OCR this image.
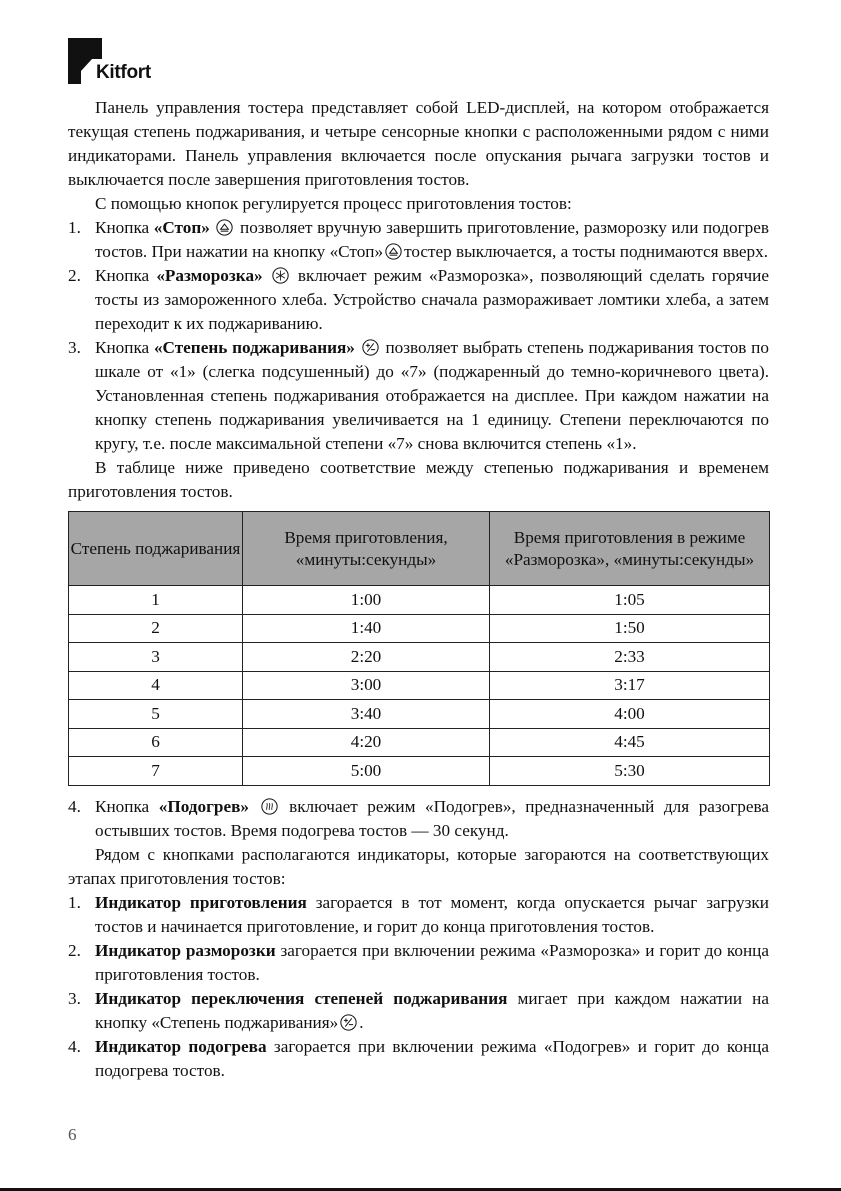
Kitfort

Панель управления тостера представляет собой LED-дисплей, на котором отображается текущая степень поджаривания, и четыре сенсорные кнопки с расположенными рядом с ними индикаторами. Панель управления включается после опускания рычага загрузки тостов и выключается после завершения приготовления тостов.

С помощью кнопок регулируется процесс приготовления тостов:

1. Кнопка «Стоп»  позволяет вручную завершить приготовление, разморозку или подогрев тостов. При нажатии на кнопку «Стоп» тостер выключается, а тосты поднимаются вверх.

2. Кнопка «Разморозка»  включает режим «Разморозка», позволяющий сделать горячие тосты из замороженного хлеба. Устройство сначала размораживает ломтики хлеба, а затем переходит к их поджариванию.

3. Кнопка «Степень поджаривания»  позволяет выбрать степень поджаривания тостов по шкале от «1» (слегка подсушенный) до «7» (поджаренный до темно-коричневого цвета). Установленная степень поджаривания отображается на дисплее. При каждом нажатии на кнопку степень поджаривания увеличивается на 1 единицу. Степени переключаются по кругу, т.е. после максимальной степени «7» снова включится степень «1».

В таблице ниже приведено соответствие между степенью поджаривания и временем приготовления тостов.

Степень поджаривания	Время приготовления, «минуты:секунды»	Время приготовления в режиме «Разморозка», «минуты:секунды»
1	1:00	1:05
2	1:40	1:50
3	2:20	2:33
4	3:00	3:17
5	3:40	4:00
6	4:20	4:45
7	5:00	5:30

4. Кнопка «Подогрев»  включает режим «Подогрев», предназначенный для разогрева остывших тостов. Время подогрева тостов — 30 секунд.

Рядом с кнопками располагаются индикаторы, которые загораются на соответствующих этапах приготовления тостов:

1. Индикатор приготовления загорается в тот момент, когда опускается рычаг загрузки тостов и начинается приготовление, и горит до конца приготовления тостов.

2. Индикатор разморозки загорается при включении режима «Разморозка» и горит до конца приготовления тостов.

3. Индикатор переключения степеней поджаривания мигает при каждом нажатии на кнопку «Степень поджаривания» .

4. Индикатор подогрева загорается при включении режима «Подогрев» и горит до конца подогрева тостов.

6
